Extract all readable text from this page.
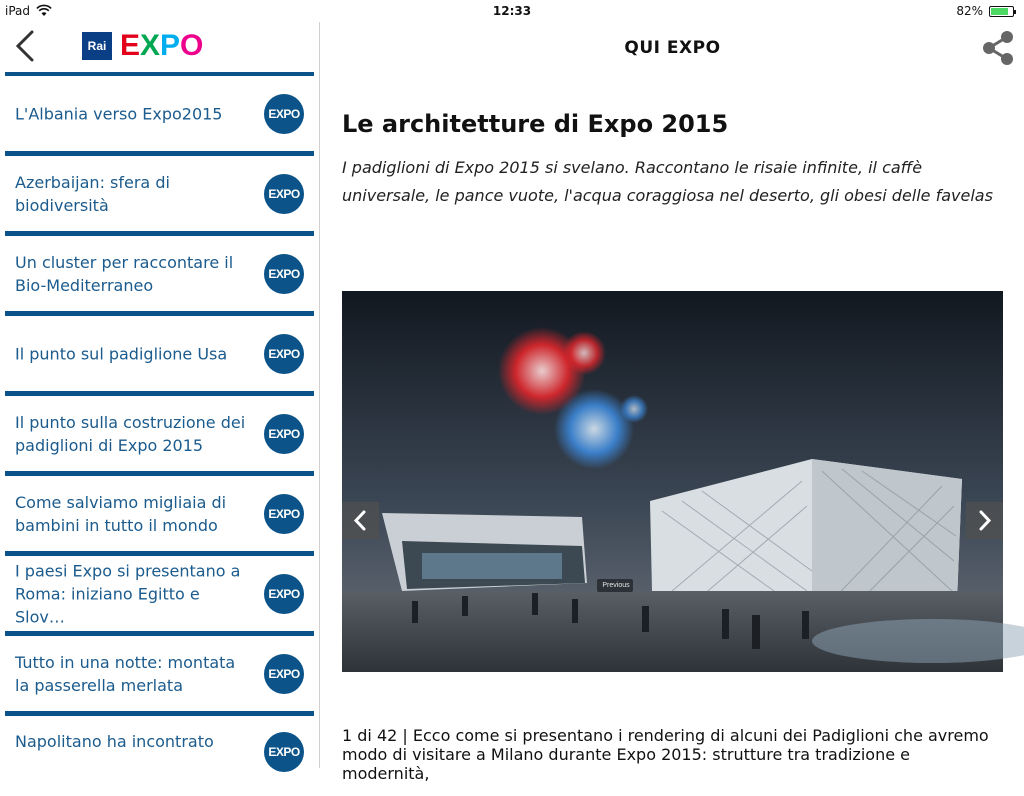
iPad	12:33	82%
Rai E X P O
L'Albania verso Expo2015	EXPO
Azerbaijan: sfera di biodiversità
EXPO
Un cluster per raccontare il Bio-Mediterraneo
EXPO
Il punto sul padiglione Usa	EXPO
Il punto sulla costruzione dei padiglioni di Expo 2015
EXPO
Come salviamo migliaia di bambini in tutto il mondo
EXPO
I paesi Expo si presentano a Roma: iniziano Egitto e Slov…
EXPO
Tutto in una notte: montata la passerella merlata
EXPO
Napolitano ha incontrato
EXPO
QUI EXPO
Le architetture di Expo 2015

I padiglioni di Expo 2015 si svelano. Raccontano le risaie infinite, il caffè universale, le pance vuote, l'acqua coraggiosa nel deserto, gli obesi delle favelas

Previous

1 di 42 | Ecco come si presentano i rendering di alcuni dei Padiglioni che avremo modo di visitare a Milano durante Expo 2015: strutture tra tradizione e modernità,
